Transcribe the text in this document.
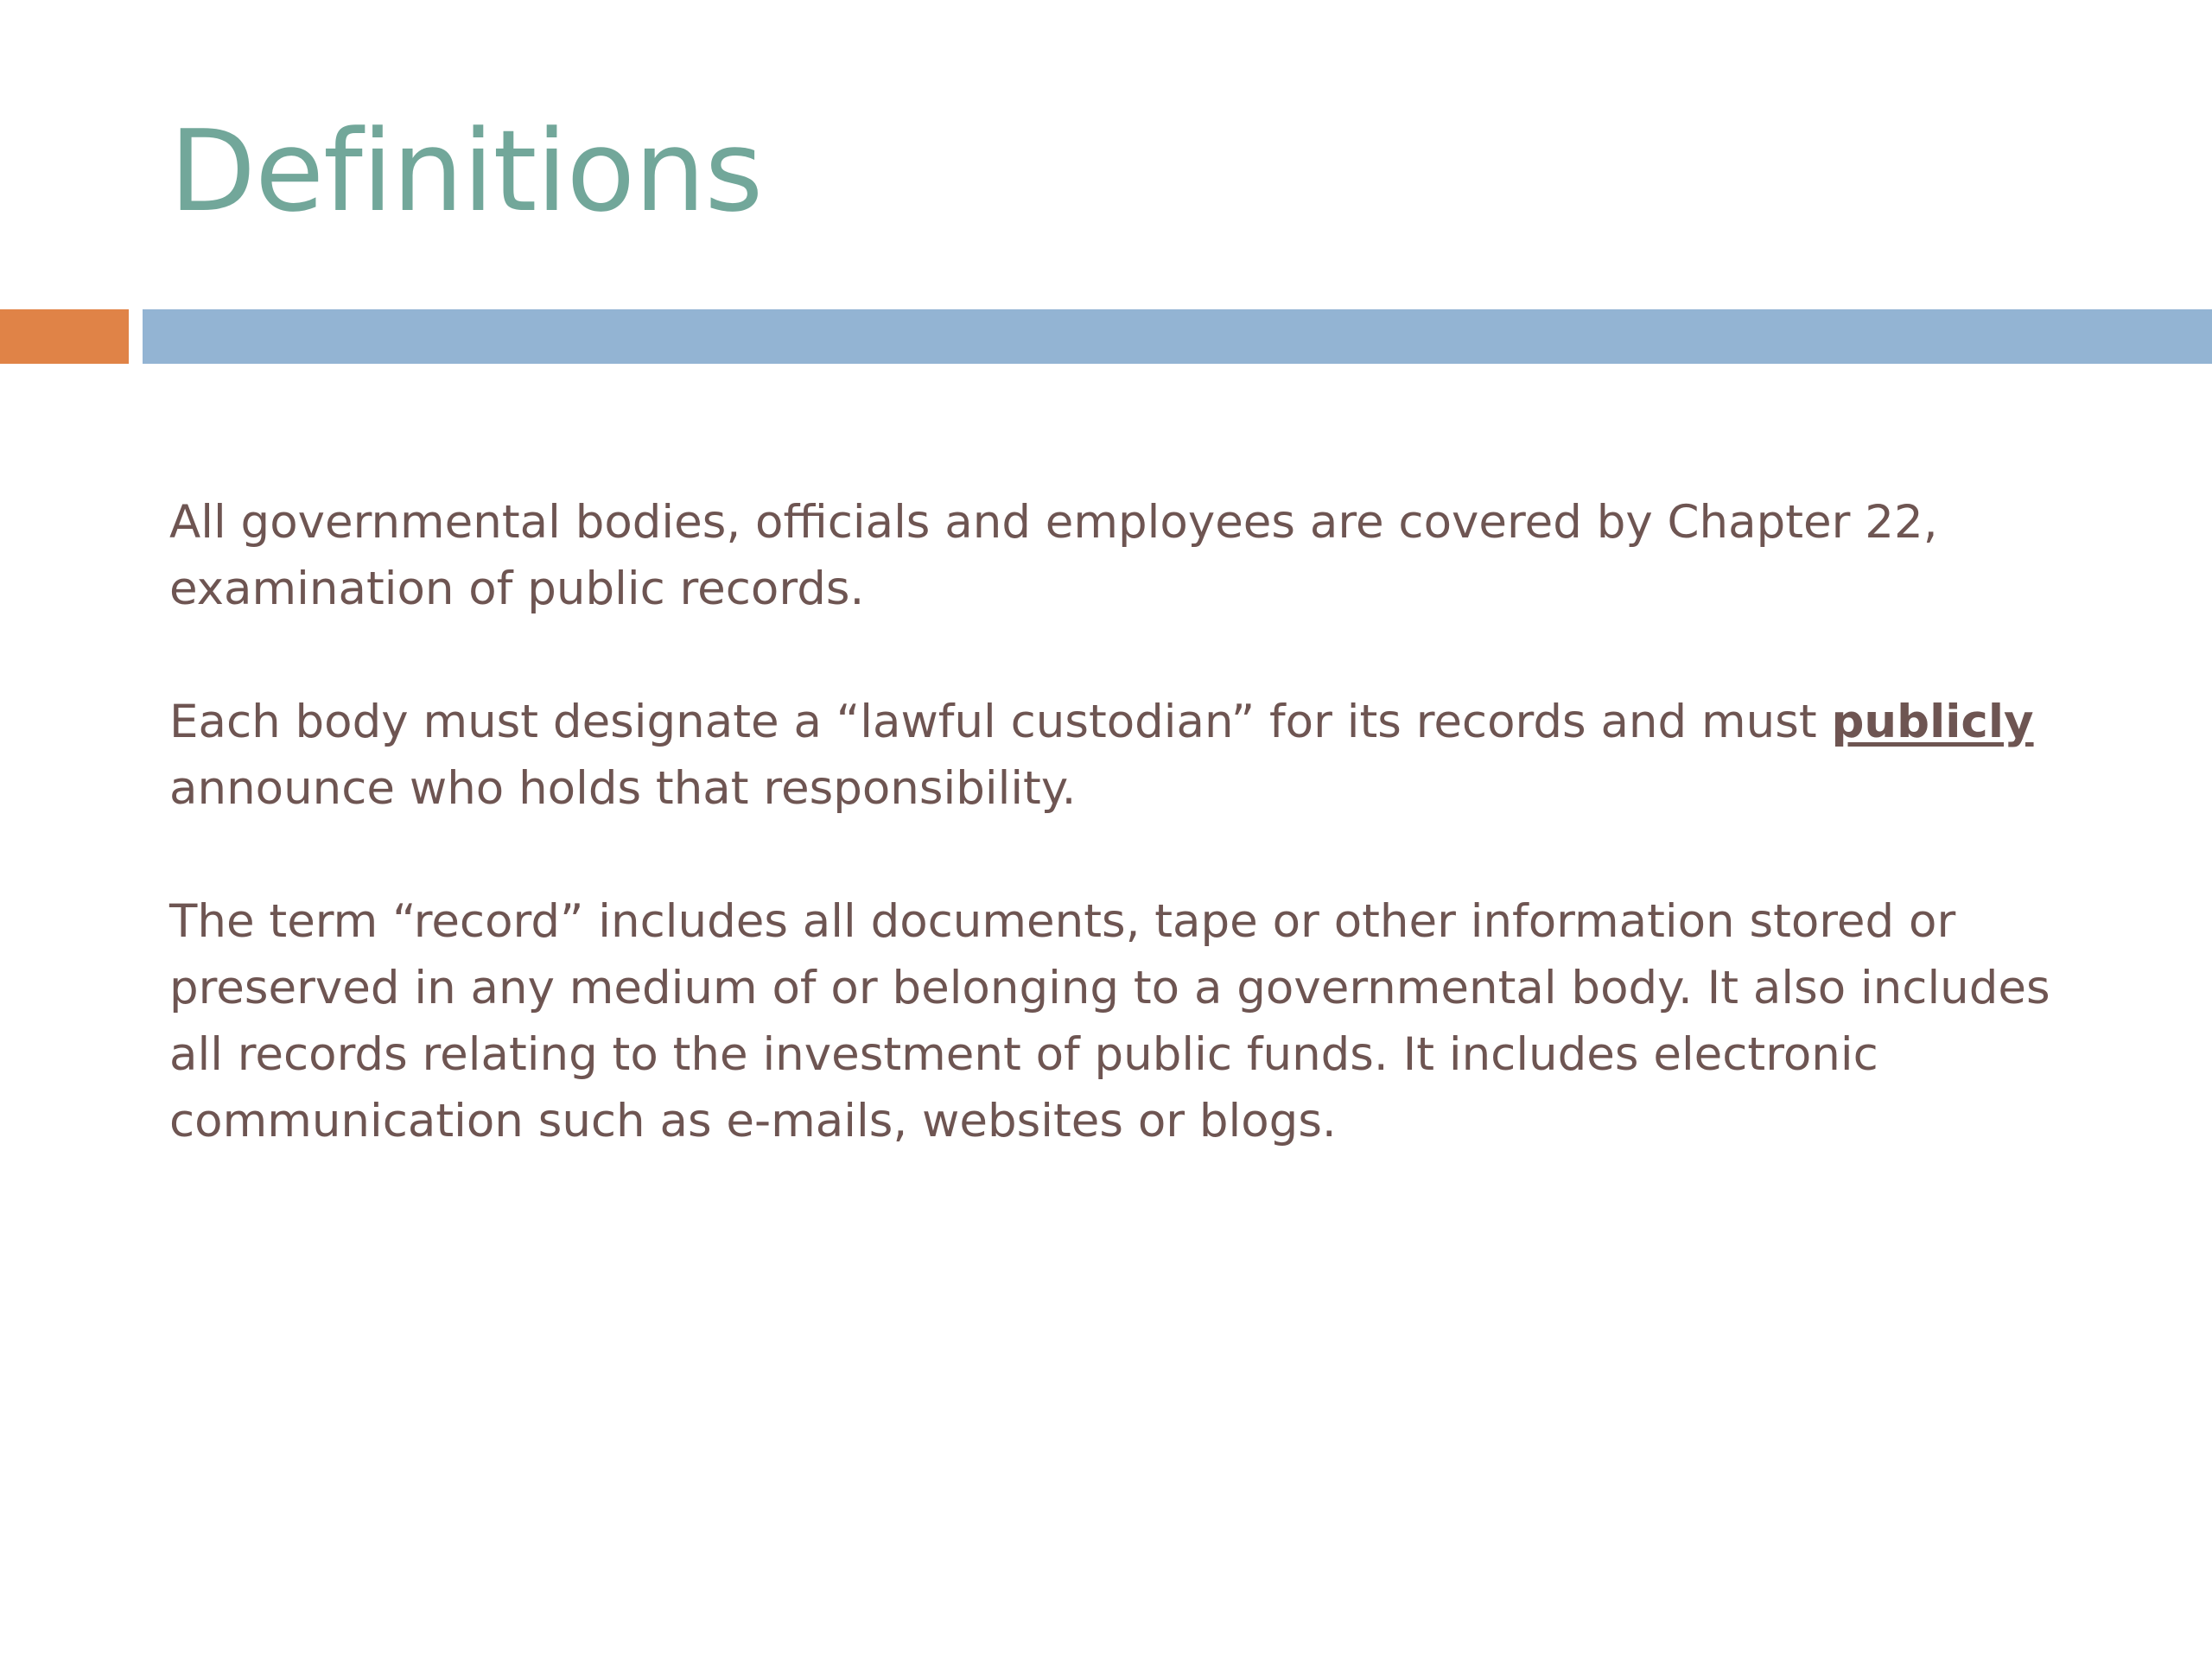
Definitions

All governmental bodies, officials and employees are covered by Chapter 22, examination of public records.

Each body must designate a “lawful custodian” for its records and must publicly announce who holds that responsibility.

The term “record” includes all documents, tape or other information stored or preserved in any medium of or belonging to a governmental body. It also includes all records relating to the investment of public funds. It includes electronic communication such as e-mails, websites or blogs.
